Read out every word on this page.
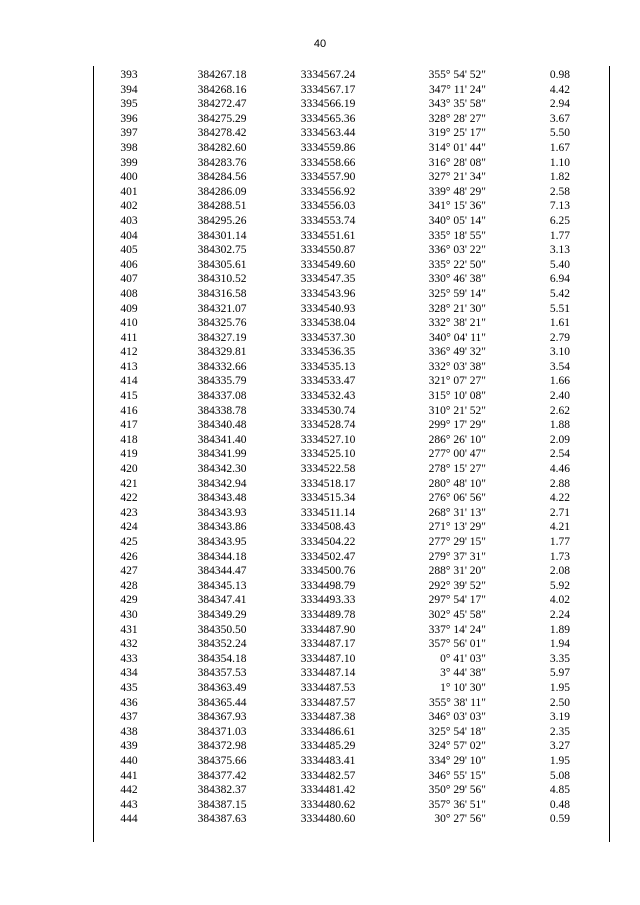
40
393	384267.18	3334567.24	355° 54' 52"	0.98
394	384268.16	3334567.17	347° 11' 24"	4.42
395	384272.47	3334566.19	343° 35' 58"	2.94
396	384275.29	3334565.36	328° 28' 27"	3.67
397	384278.42	3334563.44	319° 25' 17"	5.50
398	384282.60	3334559.86	314° 01' 44"	1.67
399	384283.76	3334558.66	316° 28' 08"	1.10
400	384284.56	3334557.90	327° 21' 34"	1.82
401	384286.09	3334556.92	339° 48' 29"	2.58
402	384288.51	3334556.03	341° 15' 36"	7.13
403	384295.26	3334553.74	340° 05' 14"	6.25
404	384301.14	3334551.61	335° 18' 55"	1.77
405	384302.75	3334550.87	336° 03' 22"	3.13
406	384305.61	3334549.60	335° 22' 50"	5.40
407	384310.52	3334547.35	330° 46' 38"	6.94
408	384316.58	3334543.96	325° 59' 14"	5.42
409	384321.07	3334540.93	328° 21' 30"	5.51
410	384325.76	3334538.04	332° 38' 21"	1.61
411	384327.19	3334537.30	340° 04' 11"	2.79
412	384329.81	3334536.35	336° 49' 32"	3.10
413	384332.66	3334535.13	332° 03' 38"	3.54
414	384335.79	3334533.47	321° 07' 27"	1.66
415	384337.08	3334532.43	315° 10' 08"	2.40
416	384338.78	3334530.74	310° 21' 52"	2.62
417	384340.48	3334528.74	299° 17' 29"	1.88
418	384341.40	3334527.10	286° 26' 10"	2.09
419	384341.99	3334525.10	277° 00' 47"	2.54
420	384342.30	3334522.58	278° 15' 27"	4.46
421	384342.94	3334518.17	280° 48' 10"	2.88
422	384343.48	3334515.34	276° 06' 56"	4.22
423	384343.93	3334511.14	268° 31' 13"	2.71
424	384343.86	3334508.43	271° 13' 29"	4.21
425	384343.95	3334504.22	277° 29' 15"	1.77
426	384344.18	3334502.47	279° 37' 31"	1.73
427	384344.47	3334500.76	288° 31' 20"	2.08
428	384345.13	3334498.79	292° 39' 52"	5.92
429	384347.41	3334493.33	297° 54' 17"	4.02
430	384349.29	3334489.78	302° 45' 58"	2.24
431	384350.50	3334487.90	337° 14' 24"	1.89
432	384352.24	3334487.17	357° 56' 01"	1.94
433	384354.18	3334487.10	0° 41' 03"	3.35
434	384357.53	3334487.14	3° 44' 38"	5.97
435	384363.49	3334487.53	1° 10' 30"	1.95
436	384365.44	3334487.57	355° 38' 11"	2.50
437	384367.93	3334487.38	346° 03' 03"	3.19
438	384371.03	3334486.61	325° 54' 18"	2.35
439	384372.98	3334485.29	324° 57' 02"	3.27
440	384375.66	3334483.41	334° 29' 10"	1.95
441	384377.42	3334482.57	346° 55' 15"	5.08
442	384382.37	3334481.42	350° 29' 56"	4.85
443	384387.15	3334480.62	357° 36' 51"	0.48
444	384387.63	3334480.60	30° 27' 56"	0.59
